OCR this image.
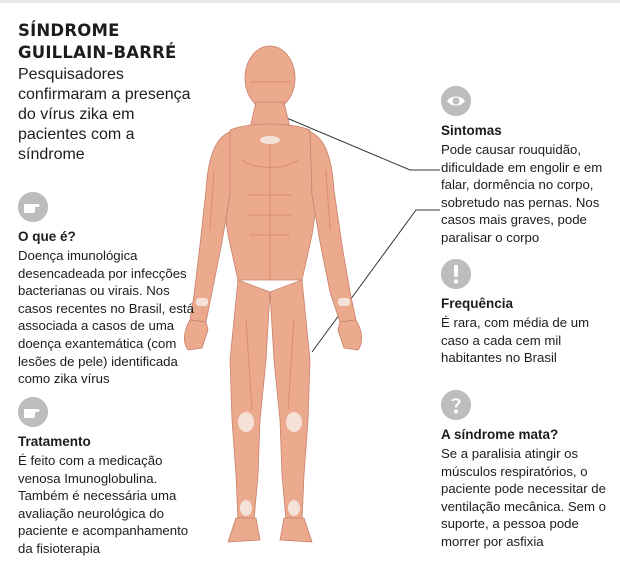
SÍNDROME
GUILLAIN-BARRÉ

Pesquisadores confirmaram a presença do vírus zika em pacientes com a síndrome

O que é?

Doença imunológica desencadeada por infecções bacterianas ou virais. Nos casos recentes no Brasil, está associada a casos de uma doença exantemática (com lesões de pele) identificada como zika vírus

Tratamento

É feito com a medicação venosa Imunoglobulina. Também é necessária uma avaliação neurológica do paciente e acompanhamento da fisioterapia

Sintomas

Pode causar rouquidão, dificuldade em engolir e em falar, dormência no corpo, sobretudo nas pernas. Nos casos mais graves, pode paralisar o corpo

Frequência

É rara, com média de um caso a cada cem mil habitantes no Brasil

A síndrome mata?

Se a paralisia atingir os músculos respiratórios, o paciente pode necessitar de ventilação mecânica. Sem o suporte, a pessoa pode morrer por asfixia
